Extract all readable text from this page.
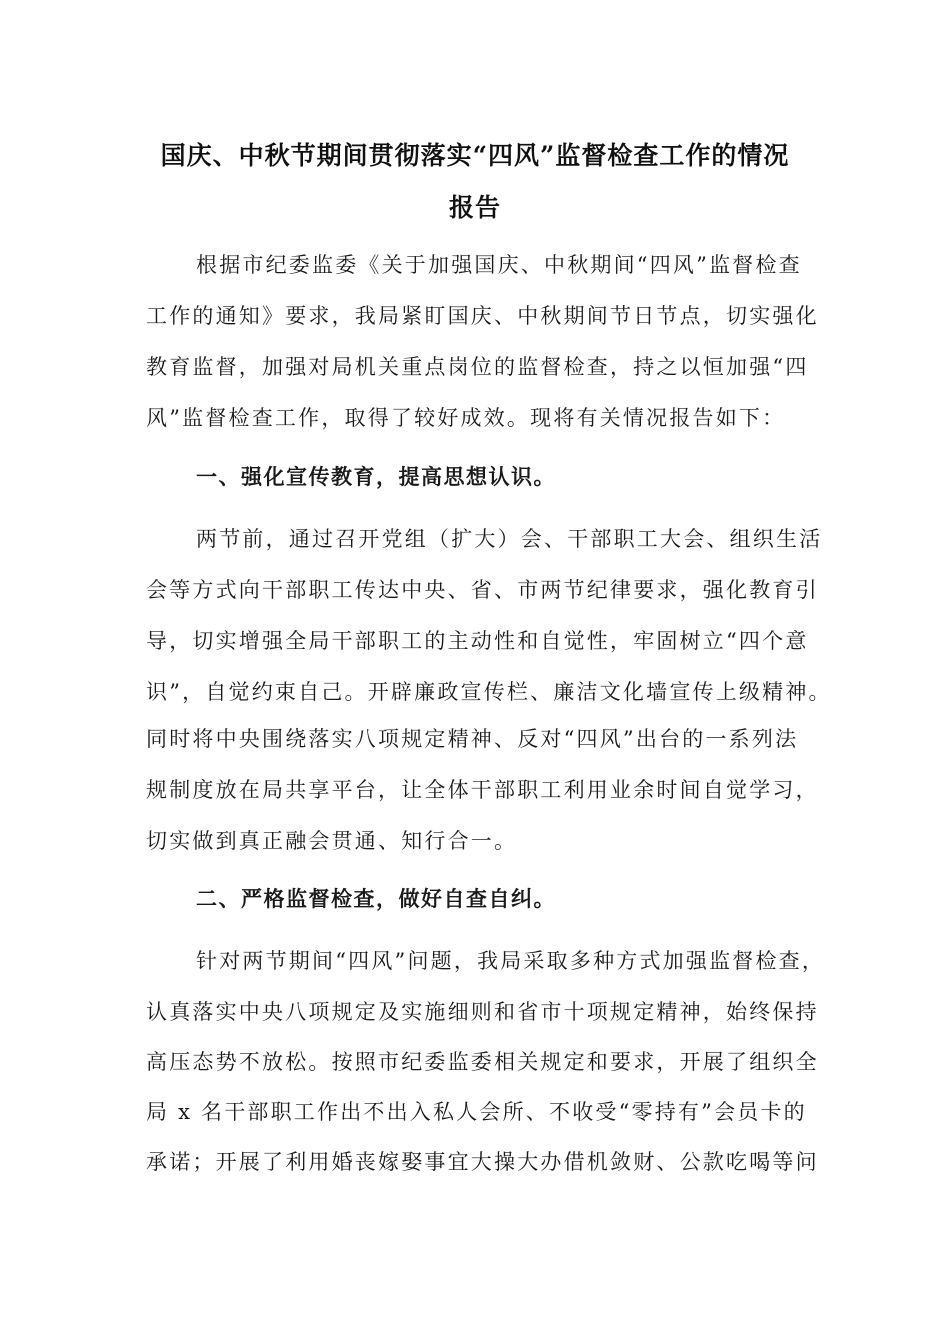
国庆、中秋节期间贯彻落实“四风”监督检查工作的情况
报告
根据市纪委监委《关于加强国庆、中秋期间“四风”监督检查
工作的通知》要求，我局紧盯国庆、中秋期间节日节点，切实强化
教育监督，加强对局机关重点岗位的监督检查，持之以恒加强“四
风”监督检查工作，取得了较好成效。现将有关情况报告如下：
一、强化宣传教育，提高思想认识。
两节前，通过召开党组（扩大）会、干部职工大会、组织生活
会等方式向干部职工传达中央、省、市两节纪律要求，强化教育引
导，切实增强全局干部职工的主动性和自觉性，牢固树立“四个意
识”，自觉约束自己。开辟廉政宣传栏、廉洁文化墙宣传上级精神。
同时将中央围绕落实八项规定精神、反对“四风”出台的一系列法
规制度放在局共享平台，让全体干部职工利用业余时间自觉学习，
切实做到真正融会贯通、知行合一。
二、严格监督检查，做好自查自纠。
针对两节期间“四风”问题，我局采取多种方式加强监督检查，
认真落实中央八项规定及实施细则和省市十项规定精神，始终保持
高压态势不放松。按照市纪委监委相关规定和要求，开展了组织全
局 x 名干部职工作出不出入私人会所、不收受“零持有”会员卡的
承诺；开展了利用婚丧嫁娶事宜大操大办借机敛财、公款吃喝等问
